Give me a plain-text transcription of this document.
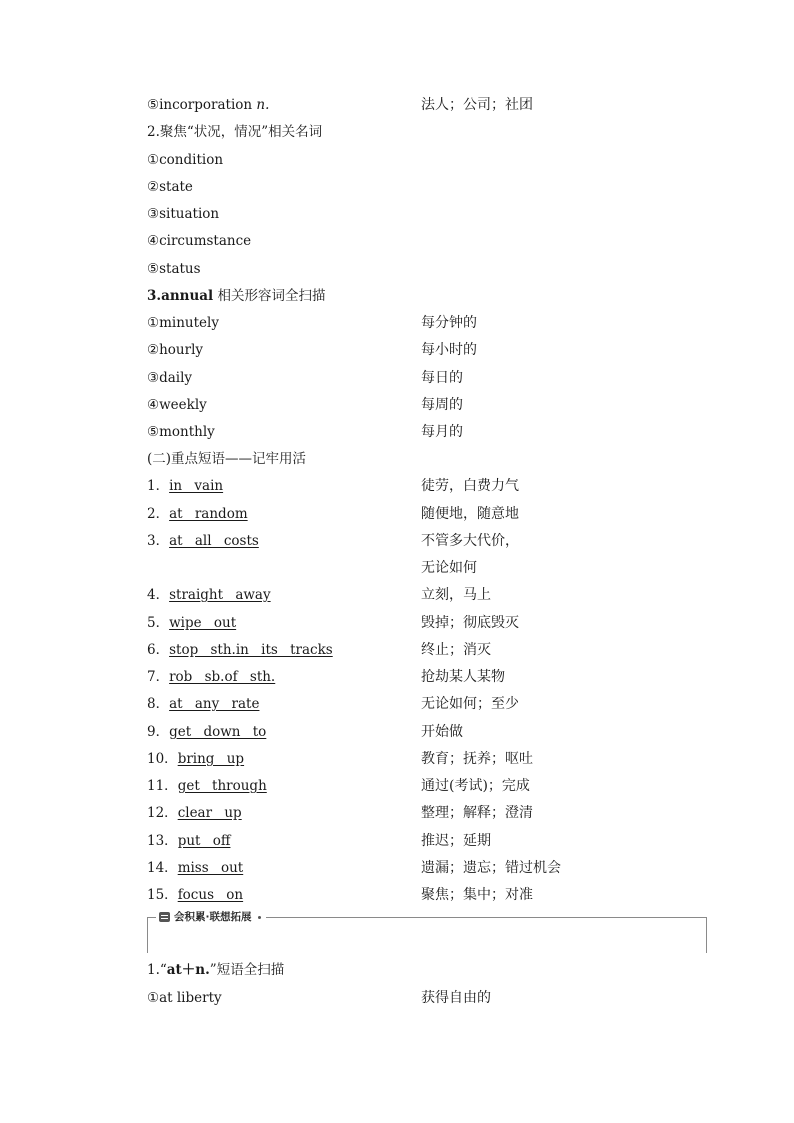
⑤incorporation n.	法人；公司；社团
2.聚焦“状况，情况”相关名词
①condition
②state
③situation
④circumstance
⑤status
3.annual 相关形容词全扫描
①minutely	每分钟的
②hourly	每小时的
③daily	每日的
④weekly	每周的
⑤monthly	每月的
(二)重点短语——记牢用活
1．in vain	徒劳，白费力气
2．at random	随便地，随意地
3．at all costs	不管多大代价，
无论如何
4．straight away	立刻，马上
5．wipe out	毁掉；彻底毁灭
6．stop sth.in its tracks	终止；消灭
7．rob sb.of sth.	抢劫某人某物
8．at any rate	无论如何；至少
9．get down to	开始做
10．bring up	教育；抚养；呕吐
11．get through	通过(考试)；完成
12．clear up	整理；解释；澄清
13．put off	推迟；延期
14．miss out	遗漏；遗忘；错过机会
15．focus on	聚焦；集中；对准
会积累·联想拓展
1.“at＋n.”短语全扫描
①at liberty	获得自由的
